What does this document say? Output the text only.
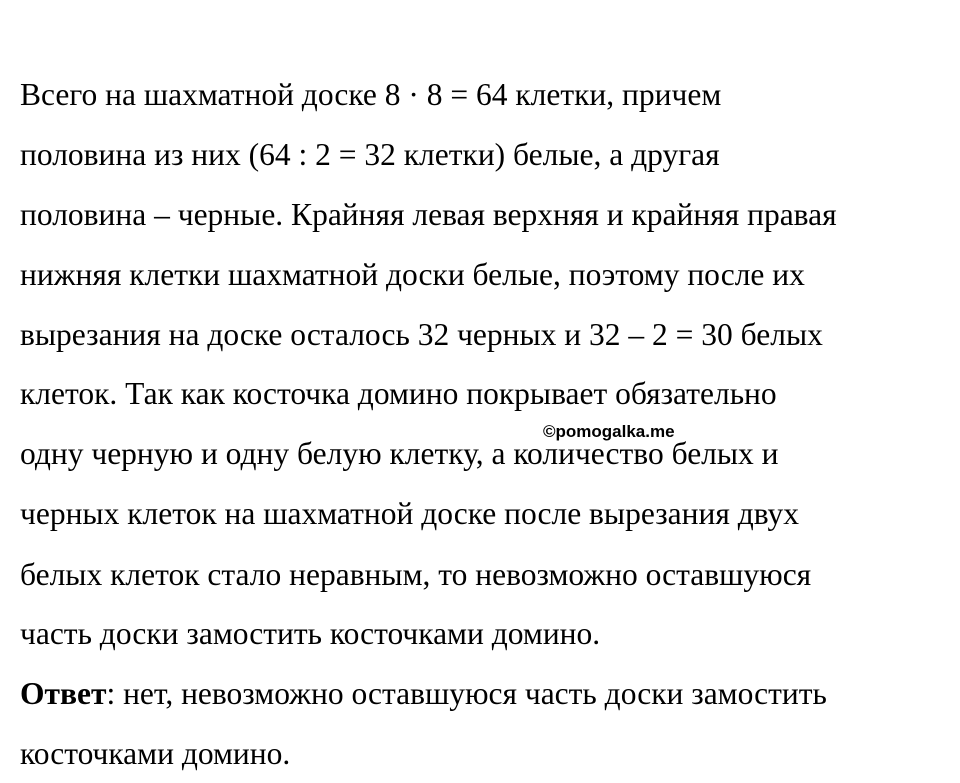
Всего на шахматной доске 8 · 8 = 64 клетки, причем
половина из них (64 : 2 = 32 клетки) белые, а другая
половина – черные. Крайняя левая верхняя и крайняя правая
нижняя клетки шахматной доски белые, поэтому после их
вырезания на доске осталось 32 черных и 32 – 2 = 30 белых
клеток. Так как косточка домино покрывает обязательно
одну черную и одну белую клетку, а количество белых и
черных клеток на шахматной доске после вырезания двух
белых клеток стало неравным, то невозможно оставшуюся
часть доски замостить косточками домино.
Ответ: нет, невозможно оставшуюся часть доски замостить
косточками домино.
©pomogalka.me
